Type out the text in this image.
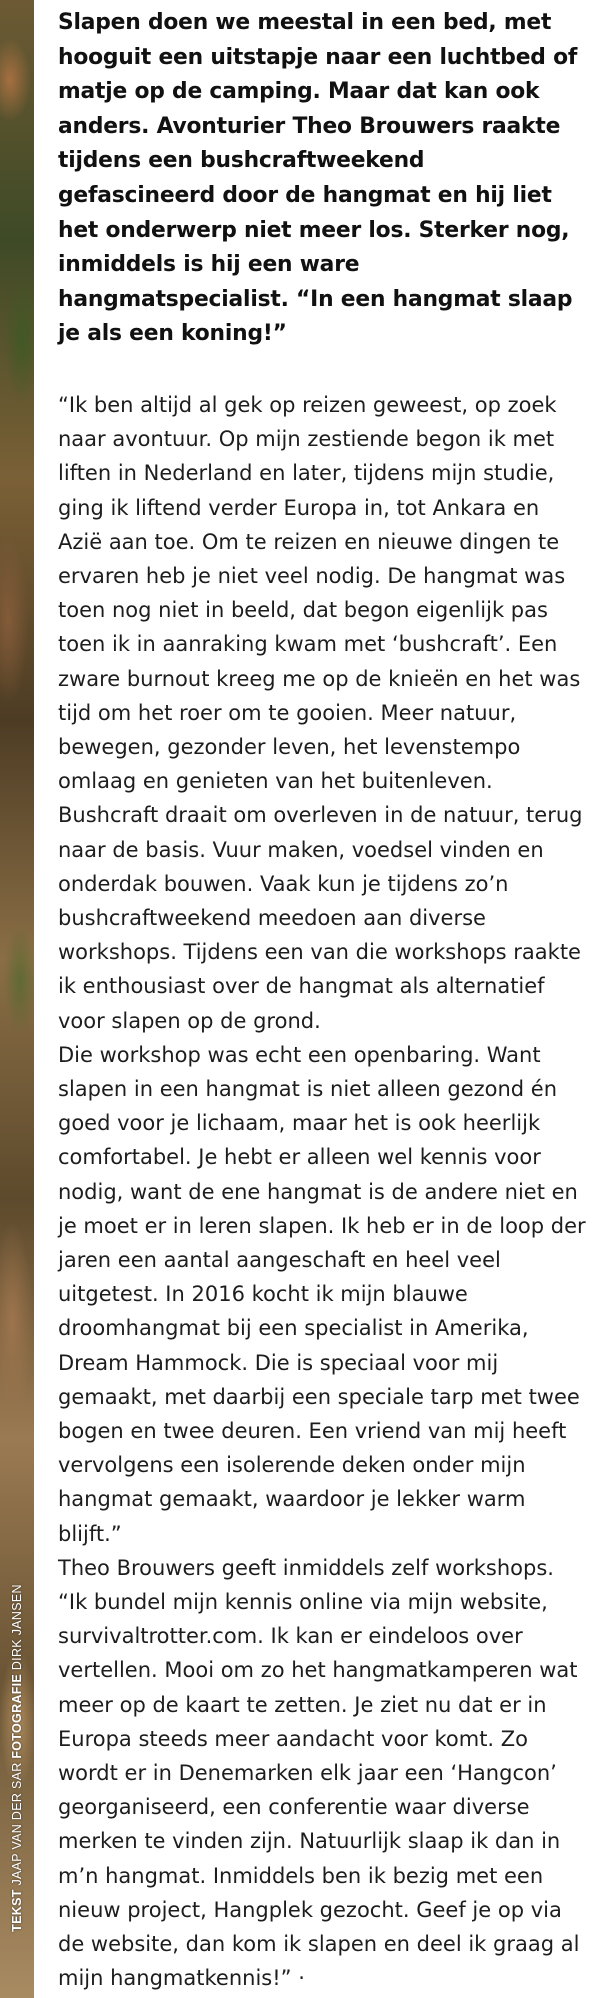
TEKST JAAP VAN DER SAR FOTOGRAFIE DIRK JANSEN

Slapen doen we meestal in een bed, met hooguit een uitstapje naar een luchtbed of matje op de camping. Maar dat kan ook anders. Avonturier Theo Brouwers raakte tijdens een bushcraftweekend gefascineerd door de hangmat en hij liet het onderwerp niet meer los. Sterker nog, inmiddels is hij een ware hangmatspecialist. “In een hangmat slaap je als een koning!”

“Ik ben altijd al gek op reizen geweest, op zoek naar avontuur. Op mijn zestiende begon ik met liften in Nederland en later, tijdens mijn studie, ging ik liftend verder Europa in, tot Ankara en Azië aan toe. Om te reizen en nieuwe dingen te ervaren heb je niet veel nodig. De hangmat was toen nog niet in beeld, dat begon eigenlijk pas toen ik in aanraking kwam met ‘bushcraft’. Een zware burnout kreeg me op de knieën en het was tijd om het roer om te gooien. Meer natuur, bewegen, gezonder leven, het levenstempo omlaag en genieten van het buitenleven. Bushcraft draait om overleven in de natuur, terug naar de basis. Vuur maken, voedsel vinden en onderdak bouwen. Vaak kun je tijdens zo’n bushcraftweekend meedoen aan diverse workshops. Tijdens een van die workshops raakte ik enthousiast over de hangmat als alternatief voor slapen op de grond.

Die workshop was echt een openbaring. Want slapen in een hangmat is niet alleen gezond én goed voor je lichaam, maar het is ook heerlijk comfortabel. Je hebt er alleen wel kennis voor nodig, want de ene hangmat is de andere niet en je moet er in leren slapen. Ik heb er in de loop der jaren een aantal aangeschaft en heel veel uitgetest. In 2016 kocht ik mijn blauwe droomhangmat bij een specialist in Amerika, Dream Hammock. Die is speciaal voor mij gemaakt, met daarbij een speciale tarp met twee bogen en twee deuren. Een vriend van mij heeft vervolgens een isolerende deken onder mijn hangmat gemaakt, waardoor je lekker warm blijft.”

Theo Brouwers geeft inmiddels zelf workshops. “Ik bundel mijn kennis online via mijn website, survivaltrotter.com. Ik kan er eindeloos over vertellen. Mooi om zo het hangmatkamperen wat meer op de kaart te zetten. Je ziet nu dat er in Europa steeds meer aandacht voor komt. Zo wordt er in Denemarken elk jaar een ‘Hangcon’ georganiseerd, een conferentie waar diverse merken te vinden zijn. Natuurlijk slaap ik dan in m’n hangmat. Inmiddels ben ik bezig met een nieuw project, Hangplek gezocht. Geef je op via de website, dan kom ik slapen en deel ik graag al mijn hangmatkennis!” ·
